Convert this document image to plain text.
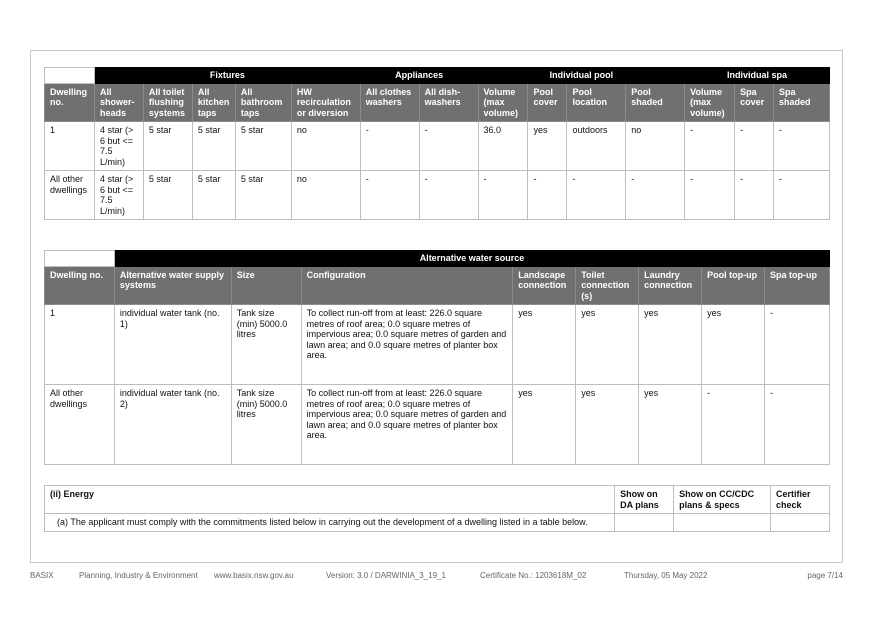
	Fixtures					Appliances		Individual pool				Individual spa		
Dwelling no.	All shower-heads	All toilet flushing systems	All kitchen taps	All bathroom taps	HW recirculation or diversion	All clothes washers	All dish-washers	Volume (max volume)	Pool cover	Pool location	Pool shaded	Volume (max volume)	Spa cover	Spa shaded
1	4 star (> 6 but <= 7.5 L/min)	5 star	5 star	5 star	no	-	-	36.0	yes	outdoors	no	-	-	-
All other dwellings	4 star (> 6 but <= 7.5 L/min)	5 star	5 star	5 star	no	-	-	-	-	-	-	-	-	-
	Alternative water source							
Dwelling no.	Alternative water supply systems	Size	Configuration	Landscape connection	Toilet connection (s)	Laundry connection	Pool top-up	Spa top-up
1	individual water tank (no. 1)	Tank size (min) 5000.0 litres	To collect run-off from at least: 226.0 square metres of roof area; 0.0 square metres of impervious area; 0.0 square metres of garden and lawn area; and 0.0 square metres of planter box area.	yes	yes	yes	yes	-
All other dwellings	individual water tank (no. 2)	Tank size (min) 5000.0 litres	To collect run-off from at least: 226.0 square metres of roof area; 0.0 square metres of impervious area; 0.0 square metres of garden and lawn area; and 0.0 square metres of planter box area.	yes	yes	yes	-	-
(ii) Energy	Show on DA plans	Show on CC/CDC plans & specs	Certifier check
(a) The applicant must comply with the commitments listed below in carrying out the development of a dwelling listed in a table below.			
BASIX	Planning, Industry & Environment www.basix.nsw.gov.au	Version: 3.0 / DARWINIA_3_19_1	Certificate No.: 1203618M_02	Thursday, 05 May 2022	page 7/14
